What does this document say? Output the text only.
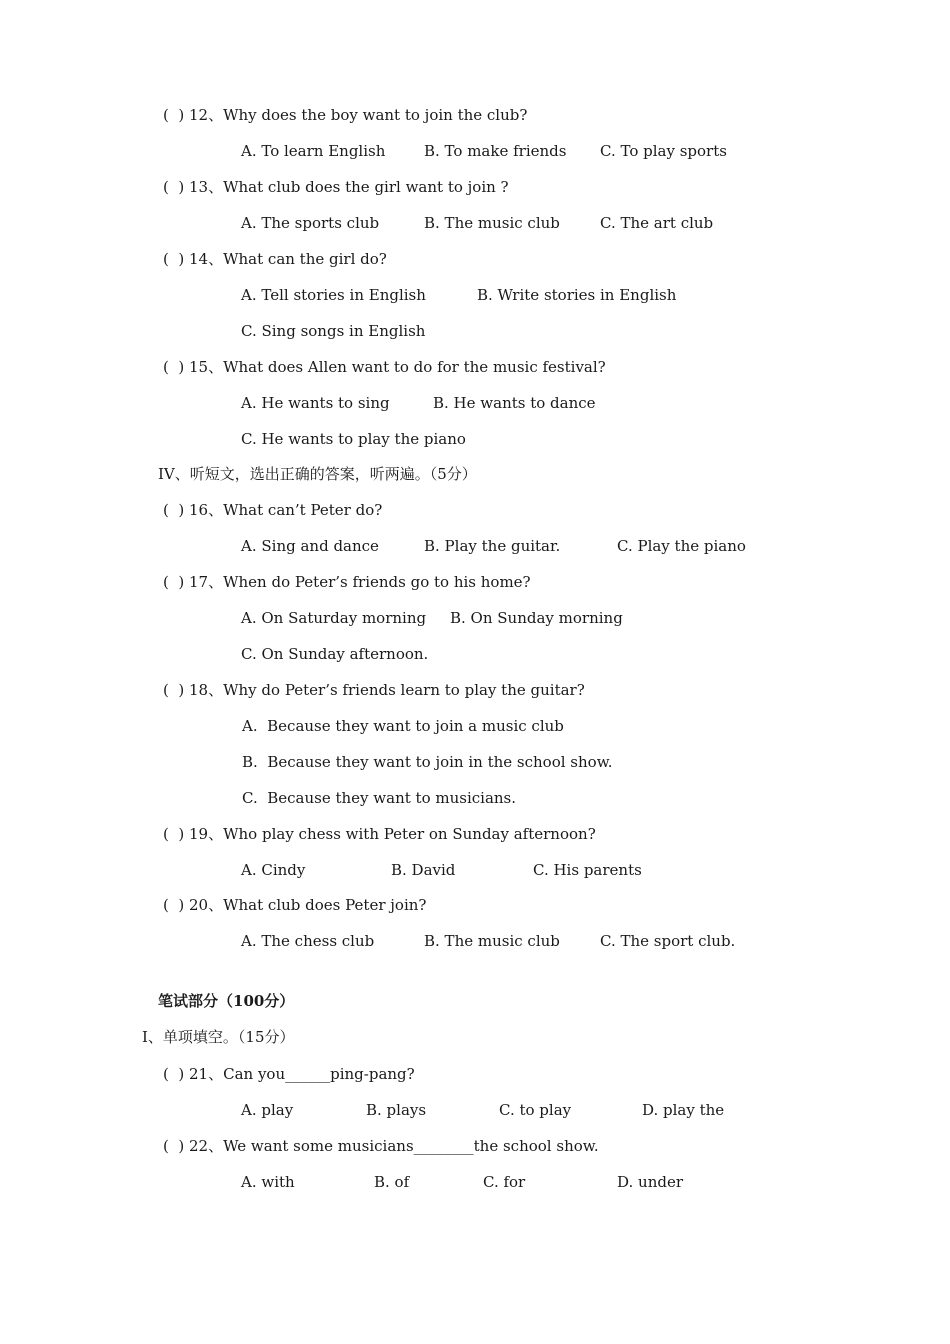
(  ) 12、Why does the boy want to join the club?
A. To learn English	B. To make friends C. To play sports
(  ) 13、What club does the girl want to join ?
A. The sports club	B. The music club	C. The art club
(  ) 14、What can the girl do?
A. Tell stories in English	B. Write stories in English
C. Sing songs in English
(  ) 15、What does Allen want to do for the music festival?
A. He wants to sing	B. He wants to dance
C. He wants to play the piano
IV、听短文，选出正确的答案，听两遍。（5分）
(  ) 16、What can’t Peter do?
A. Sing and dance	B. Play the guitar.	C. Play the piano
(  ) 17、When do Peter’s friends go to his home?
A. On Saturday morning B. On Sunday morning
C. On Sunday afternoon.
(  ) 18、Why do Peter’s friends learn to play the guitar?
A.  Because they want to join a music club
B.  Because they want to join in the school show.
C.  Because they want to musicians.
(  ) 19、Who play chess with Peter on Sunday afternoon?
A. Cindy	B. David	C. His parents
(  ) 20、What club does Peter join?
A. The chess club	B. The music club	C. The sport club.
笔试部分（100分）
I、单项填空。（15分）
(  ) 21、Can you______ping-pang?
A. play	B. plays	C. to play	D. play the
(  ) 22、We want some musicians________the school show.
A. with	B. of	C. for	D. under
